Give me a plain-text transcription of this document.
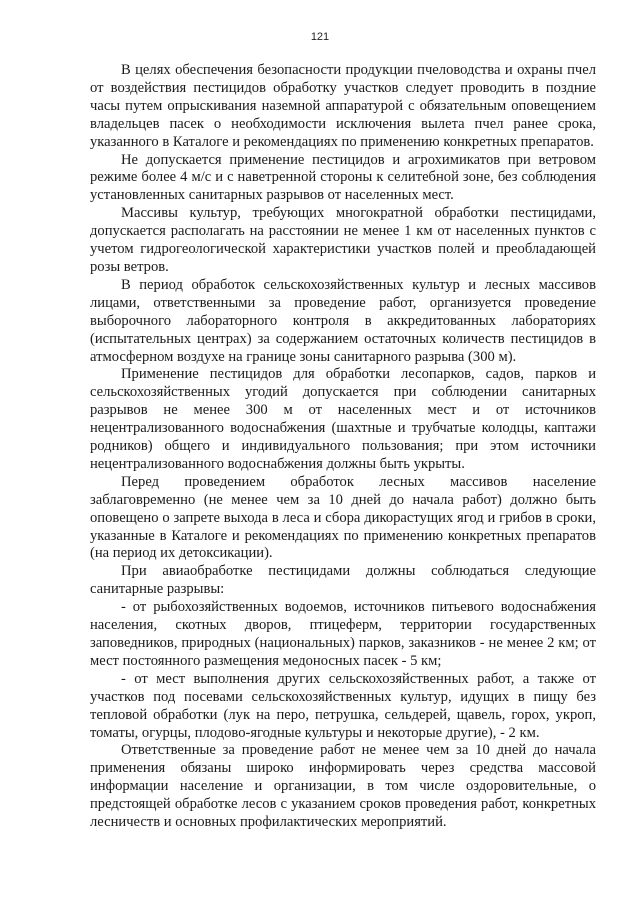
121

В целях обеспечения безопасности продукции пчеловодства и охраны пчел от воздействия пестицидов обработку участков следует проводить в поздние часы путем опрыскивания наземной аппаратурой с обязательным оповещением владельцев пасек о необходимости исключения вылета пчел ранее срока, указанного в Каталоге и рекомендациях по применению конкретных препаратов.

Не допускается применение пестицидов и агрохимикатов при ветровом режиме более 4 м/с и с наветренной стороны к селитебной зоне, без соблюдения установленных санитарных разрывов от населенных мест.

Массивы культур, требующих многократной обработки пестицидами, допускается располагать на расстоянии не менее 1 км от населенных пунктов с учетом гидрогеологической характеристики участков полей и преобладающей розы ветров.

В период обработок сельскохозяйственных культур и лесных массивов лицами, ответственными за проведение работ, организуется проведение выборочного лабораторного контроля в аккредитованных лабораториях (испытательных центрах) за содержанием остаточных количеств пестицидов в атмосферном воздухе на границе зоны санитарного разрыва (300 м).

Применение пестицидов для обработки лесопарков, садов, парков и сельскохозяйственных угодий допускается при соблюдении санитарных разрывов не менее 300 м от населенных мест и от источников нецентрализованного водоснабжения (шахтные и трубчатые колодцы, каптажи родников) общего и индивидуального пользования; при этом источники нецентрализованного водоснабжения должны быть укрыты.

Перед проведением обработок лесных массивов население заблаговременно (не менее чем за 10 дней до начала работ) должно быть оповещено о запрете выхода в леса и сбора дикорастущих ягод и грибов в сроки, указанные в Каталоге и рекомендациях по применению конкретных препаратов (на период их детоксикации).

При авиаобработке пестицидами должны соблюдаться следующие санитарные разрывы:

- от рыбохозяйственных водоемов, источников питьевого водоснабжения населения, скотных дворов, птицеферм, территории государственных заповедников, природных (национальных) парков, заказников - не менее 2 км; от мест постоянного размещения медоносных пасек - 5 км;

- от мест выполнения других сельскохозяйственных работ, а также от участков под посевами сельскохозяйственных культур, идущих в пищу без тепловой обработки (лук на перо, петрушка, сельдерей, щавель, горох, укроп, томаты, огурцы, плодово-ягодные культуры и некоторые другие), - 2 км.

Ответственные за проведение работ не менее чем за 10 дней до начала применения обязаны широко информировать через средства массовой информации население и организации, в том числе оздоровительные, о предстоящей обработке лесов с указанием сроков проведения работ, конкретных лесничеств и основных профилактических мероприятий.
